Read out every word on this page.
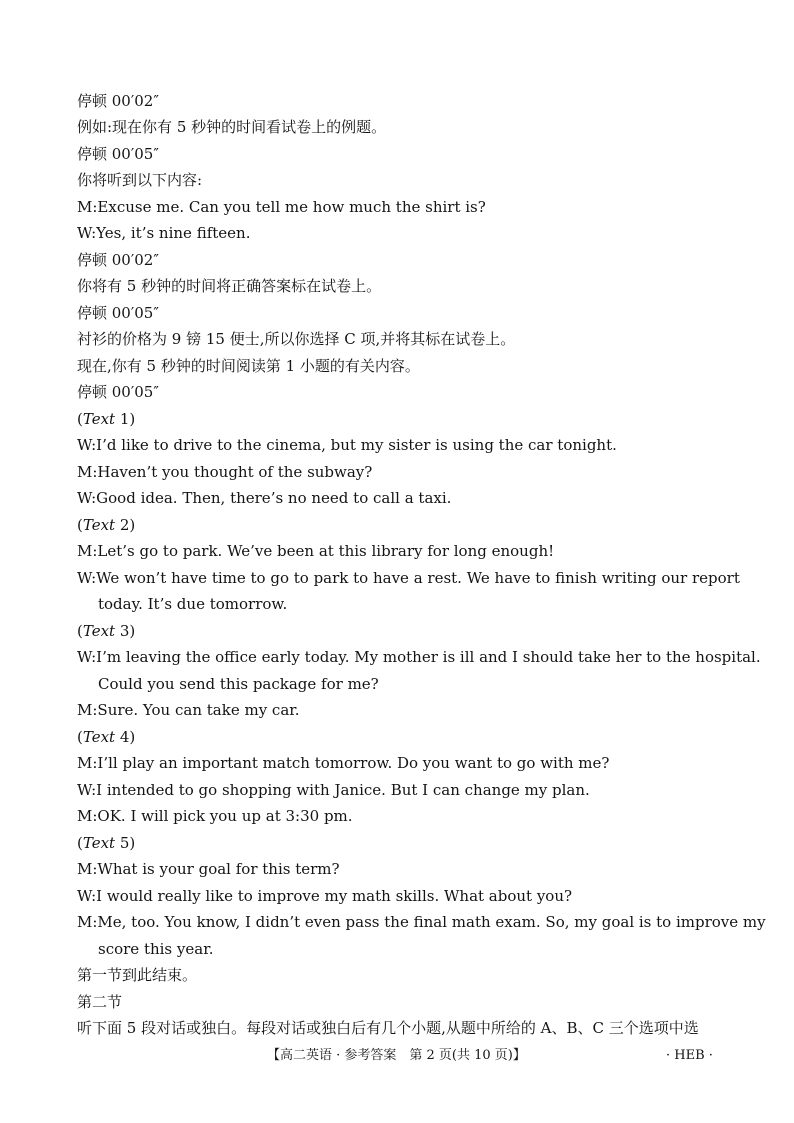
停顿 00′02″
例如:现在你有 5 秒钟的时间看试卷上的例题。
停顿 00′05″
你将听到以下内容:
M:Excuse me. Can you tell me how much the shirt is?
W:Yes, it’s nine fifteen.
停顿 00′02″
你将有 5 秒钟的时间将正确答案标在试卷上。
停顿 00′05″
衬衫的价格为 9 镑 15 便士,所以你选择 C 项,并将其标在试卷上。
现在,你有 5 秒钟的时间阅读第 1 小题的有关内容。
停顿 00′05″
(Text 1)
W:I’d like to drive to the cinema, but my sister is using the car tonight.
M:Haven’t you thought of the subway?
W:Good idea. Then, there’s no need to call a taxi.
(Text 2)
M:Let’s go to park. We’ve been at this library for long enough!
W:We won’t have time to go to park to have a rest. We have to finish writing our report
today. It’s due tomorrow.
(Text 3)
W:I’m leaving the office early today. My mother is ill and I should take her to the hospital.
Could you send this package for me?
M:Sure. You can take my car.
(Text 4)
M:I’ll play an important match tomorrow. Do you want to go with me?
W:I intended to go shopping with Janice. But I can change my plan.
M:OK. I will pick you up at 3:30 pm.
(Text 5)
M:What is your goal for this term?
W:I would really like to improve my math skills. What about you?
M:Me, too. You know, I didn’t even pass the final math exam. So, my goal is to improve my
score this year.
第一节到此结束。
第二节
听下面 5 段对话或独白。每段对话或独白后有几个小题,从题中所给的 A、B、C 三个选项中选
【高二英语 · 参考答案　第 2 页(共 10 页)】	· HEB ·
